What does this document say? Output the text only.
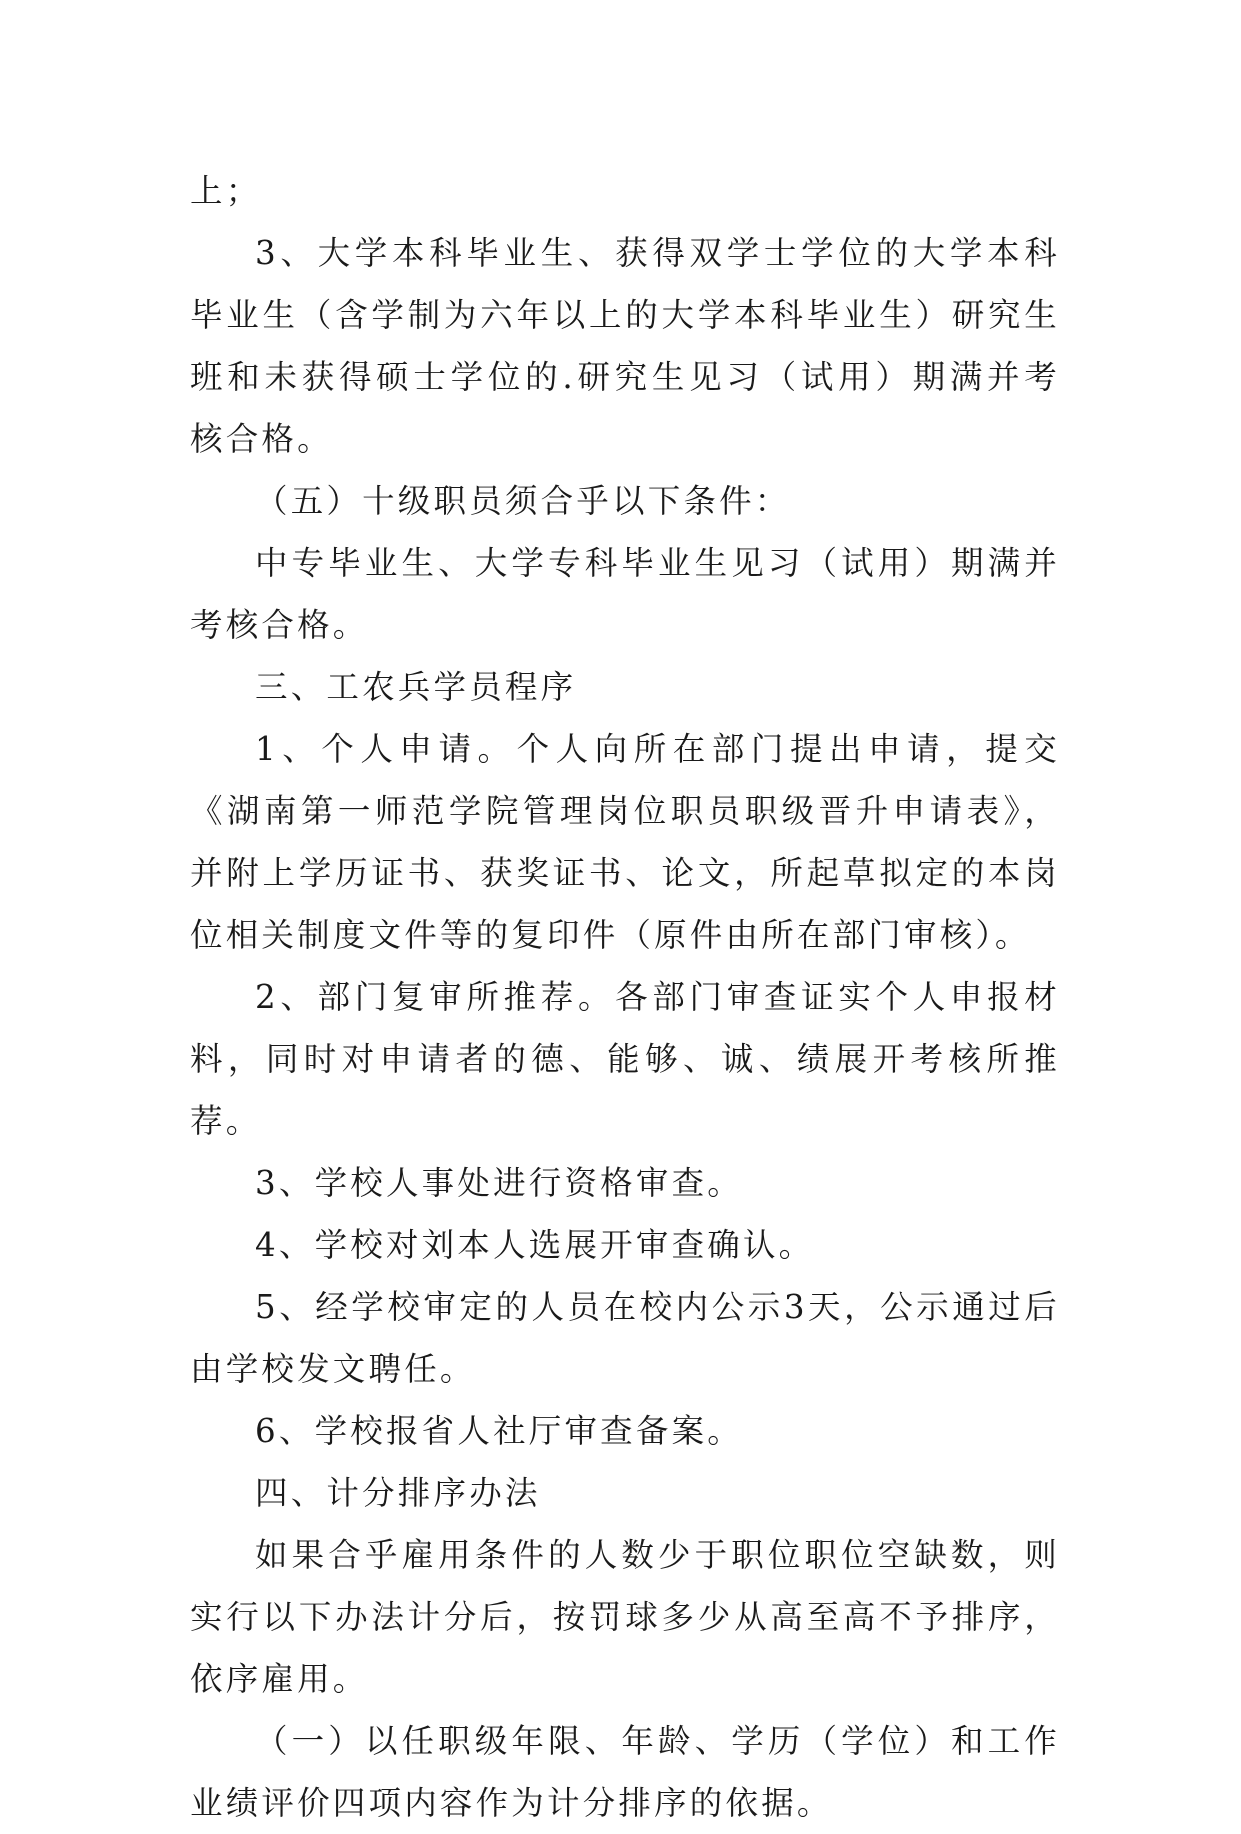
上；

3、大学本科毕业生、获得双学士学位的大学本科毕业生（含学制为六年以上的大学本科毕业生）研究生班和未获得硕士学位的.研究生见习（试用）期满并考核合格。

（五）十级职员须合乎以下条件：

中专毕业生、大学专科毕业生见习（试用）期满并考核合格。

三、工农兵学员程序

1、个人申请。个人向所在部门提出申请，提交《湖南第一师范学院管理岗位职员职级晋升申请表》，并附上学历证书、获奖证书、论文，所起草拟定的本岗位相关制度文件等的复印件（原件由所在部门审核）。

2、部门复审所推荐。各部门审查证实个人申报材料，同时对申请者的德、能够、诚、绩展开考核所推荐。

3、学校人事处进行资格审查。

4、学校对刘本人选展开审查确认。

5、经学校审定的人员在校内公示3天，公示通过后由学校发文聘任。

6、学校报省人社厅审查备案。

四、计分排序办法

如果合乎雇用条件的人数少于职位职位空缺数，则实行以下办法计分后，按罚球多少从高至高不予排序，依序雇用。

（一）以任职级年限、年龄、学历（学位）和工作业绩评价四项内容作为计分排序的依据。
